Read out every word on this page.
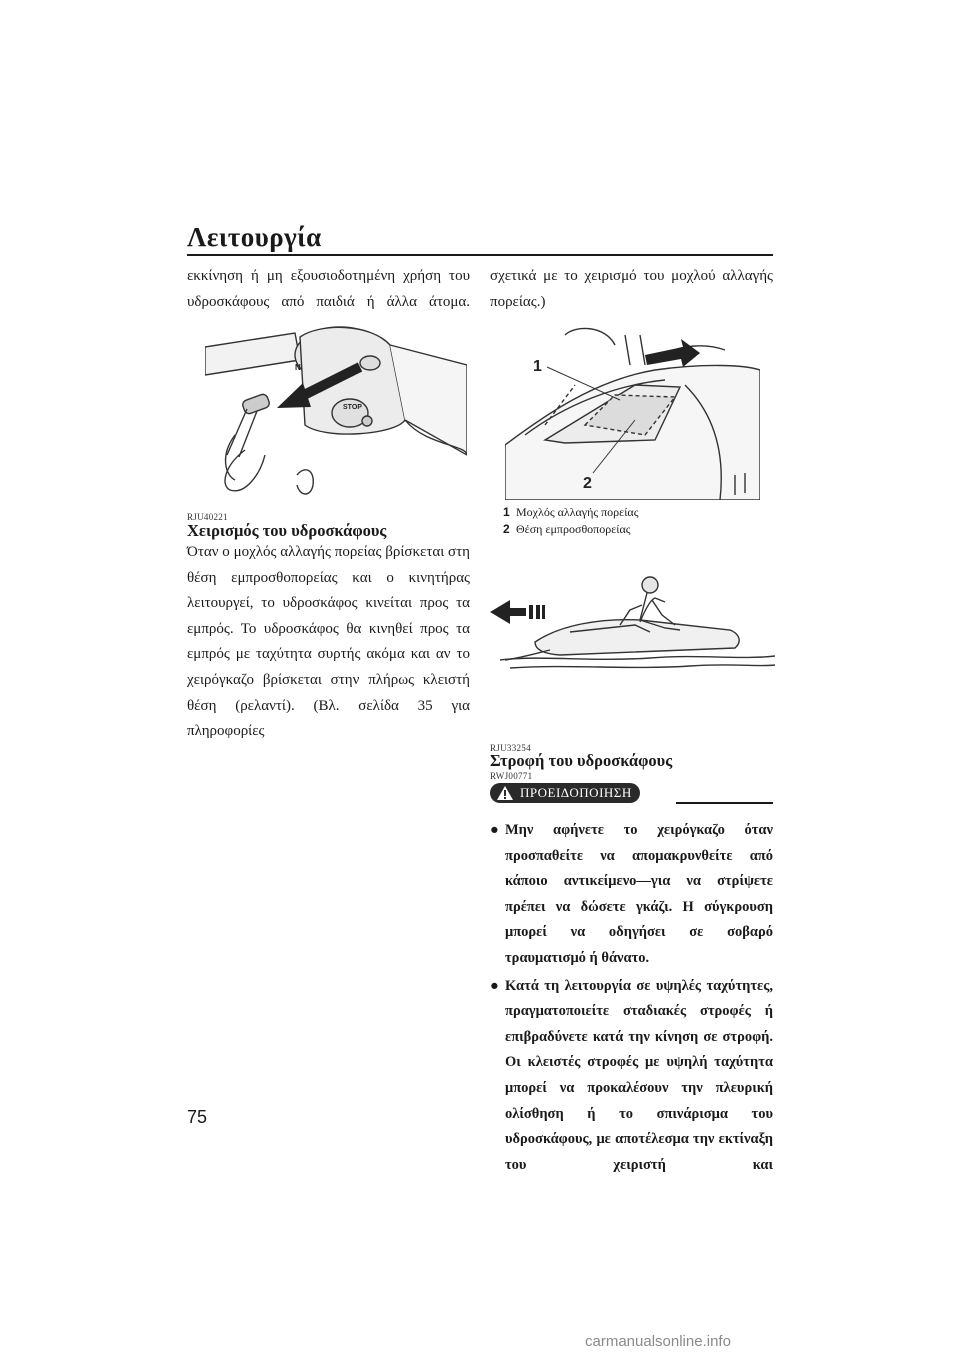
Λειτουργία
εκκίνηση ή μη εξουσιοδοτημένη χρήση του υδροσκάφους από παιδιά ή άλλα άτομα.
STOP
N
RJU40221
Χειρισμός του υδροσκάφους
Όταν ο μοχλός αλλαγής πορείας βρίσκεται στη θέση εμπροσθοπορείας και ο κινητήρας λειτουργεί, το υδροσκάφος κινείται προς τα εμπρός. Το υδροσκάφος θα κινηθεί προς τα εμπρός με ταχύτητα συρτής ακόμα και αν το χειρόγκαζο βρίσκεται στην πλήρως κλειστή θέση (ρελαντί). (Βλ. σελίδα 35 για πληροφορίες
σχετικά με το χειρισμό του μοχλού αλλαγής πορείας.)
1
2
1 Μοχλός αλλαγής πορείας
2 Θέση εμπροσθοπορείας
RJU33254
Στροφή του υδροσκάφους
RWJ00771
ΠΡΟΕΙΔΟΠΟΙΗΣΗ
● Μην αφήνετε το χειρόγκαζο όταν προσπαθείτε να απομακρυνθείτε από κάποιο αντικείμενο—για να στρίψετε πρέπει να δώσετε γκάζι. Η σύγκρουση μπορεί να οδηγήσει σε σοβαρό τραυματισμό ή θάνατο.
● Κατά τη λειτουργία σε υψηλές ταχύτητες, πραγματοποιείτε σταδιακές στροφές ή επιβραδύνετε κατά την κίνηση σε στροφή. Οι κλειστές στροφές με υψηλή ταχύτητα μπορεί να προκαλέσουν την πλευρική ολίσθηση ή το σπινάρισμα του υδροσκάφους, με αποτέλεσμα την εκτίναξη του χειριστή και
75
carmanualsonline.info
